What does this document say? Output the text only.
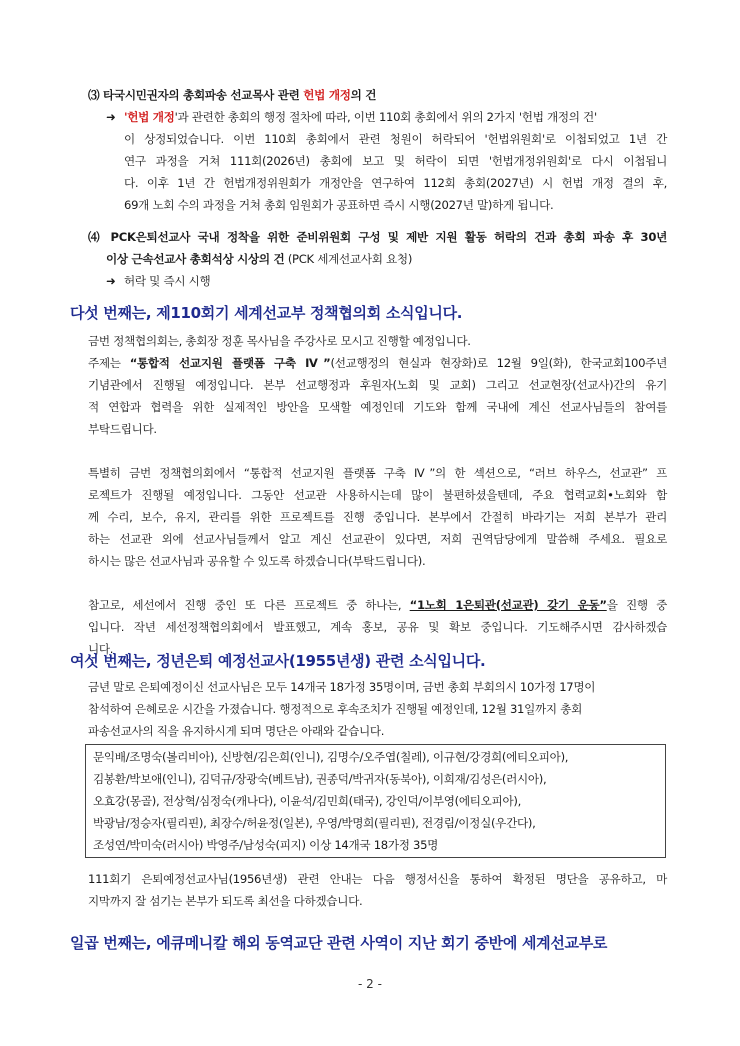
⑶ 타국시민권자의 총회파송 선교목사 관련 헌법 개정의 건
➜ '헌법 개정'과 관련한 총회의 행정 절차에 따라, 이번 110회 총회에서 위의 2가지 '헌법 개정의 건'
이 상정되었습니다. 이번 110회 총회에서 관련 청원이 허락되어 '헌법위원회'로 이첩되었고 1년 간
연구 과정을 거쳐 111회(2026년) 총회에 보고 및 허락이 되면 '헌법개정위원회'로 다시 이첩됩니
다. 이후 1년 간 헌법개정위원회가 개정안을 연구하여 112회 총회(2027년) 시 헌법 개정 결의 후,
69개 노회 수의 과정을 거쳐 총회 임원회가 공표하면 즉시 시행(2027년 말)하게 됩니다.
⑷ PCK은퇴선교사 국내 정착을 위한 준비위원회 구성 및 제반 지원 활동 허락의 건과 총회 파송 후 30년
이상 근속선교사 총회석상 시상의 건 (PCK 세계선교사회 요청)
➜ 허락 및 즉시 시행
다섯 번째는, 제110회기 세계선교부 정책협의회 소식입니다.
금번 정책협의회는, 총회장 정훈 목사님을 주강사로 모시고 진행할 예정입니다.
주제는 “통합적 선교지원 플랫폼 구축 Ⅳ”(선교행정의 현실과 현장화)로 12월 9일(화), 한국교회100주년
기념관에서 진행될 예정입니다. 본부 선교행정과 후원자(노회 및 교회) 그리고 선교현장(선교사)간의 유기
적 연합과 협력을 위한 실제적인 방안을 모색할 예정인데 기도와 함께 국내에 계신 선교사님들의 참여를
부탁드립니다.
특별히 금번 정책협의회에서 “통합적 선교지원 플랫폼 구축 Ⅳ”의 한 섹션으로, “러브 하우스, 선교관” 프
로젝트가 진행될 예정입니다. 그동안 선교관 사용하시는데 많이 불편하셨을텐데, 주요 협력교회•노회와 함
께 수리, 보수, 유지, 관리를 위한 프로젝트를 진행 중입니다. 본부에서 간절히 바라기는 저희 본부가 관리
하는 선교관 외에 선교사님들께서 알고 계신 선교관이 있다면, 저희 권역담당에게 말씀해 주세요. 필요로
하시는 많은 선교사님과 공유할 수 있도록 하겠습니다(부탁드립니다).
참고로, 세선에서 진행 중인 또 다른 프로젝트 중 하나는, “1노회 1은퇴관(선교관) 갖기 운동”을 진행 중
입니다. 작년 세선정책협의회에서 발표했고, 계속 홍보, 공유 및 확보 중입니다. 기도해주시면 감사하겠습
니다.
여섯 번째는, 정년은퇴 예정선교사(1955년생) 관련 소식입니다.
금년 말로 은퇴예정이신 선교사님은 모두 14개국 18가정 35명이며, 금번 총회 부회의시 10가정 17명이
참석하여 은혜로운 시간을 가졌습니다. 행정적으로 후속조치가 진행될 예정인데, 12월 31일까지 총회
파송선교사의 직을 유지하시게 되며 명단은 아래와 같습니다.
문익배/조명숙(볼리비아), 신방현/김은희(인니), 김명수/오주엽(칠레), 이규현/강경희(에티오피아),
김봉환/박보애(인니), 김덕규/장광숙(베트남), 권종덕/박귀자(동북아), 이희재/김성은(러시아),
오효강(몽골), 전상혁/심정숙(캐나다), 이윤석/김민희(태국), 강인덕/이부영(에티오피아),
박광남/정승자(필리핀), 최장수/허윤정(일본), 우영/박명희(필리핀), 전경림/이정실(우간다),
조성연/박미숙(러시아) 박영주/남성숙(피지) 이상 14개국 18가정 35명
111회기 은퇴예정선교사님(1956년생) 관련 안내는 다음 행정서신을 통하여 확정된 명단을 공유하고, 마
지막까지 잘 섬기는 본부가 되도록 최선을 다하겠습니다.
일곱 번째는, 에큐메니칼 해외 동역교단 관련 사역이 지난 회기 중반에 세계선교부로
- 2 -
